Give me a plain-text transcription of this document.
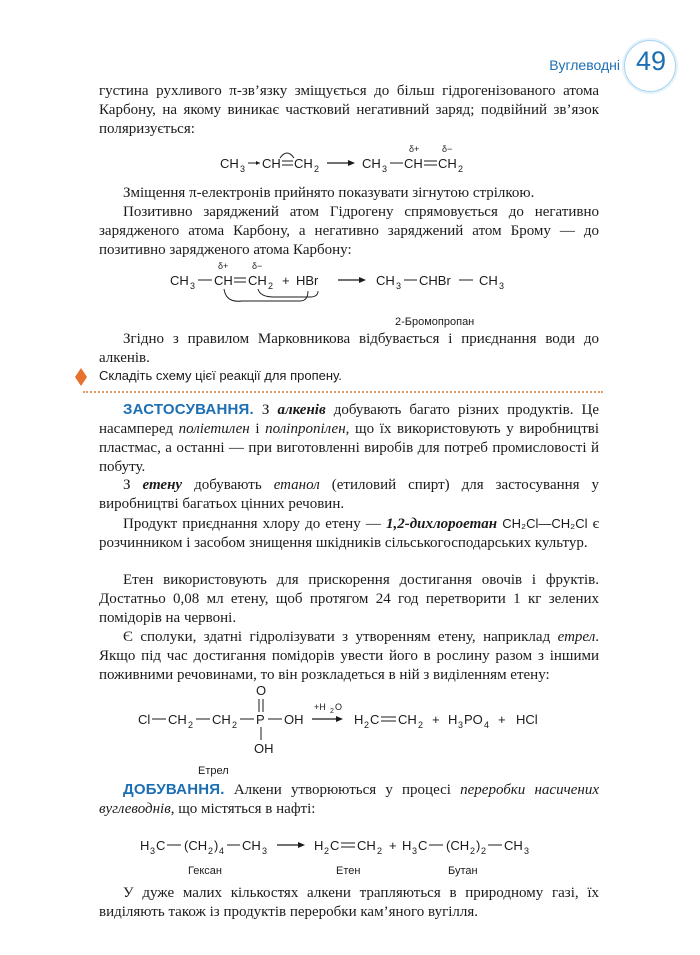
Вуглеводні 49

густина рухливого π-зв’язку зміщується до більш гідрогенізованого атома Карбону, на якому виникає частковий негативний заряд; подвійний зв’язок поляризується:

CH 3 CH CH 2	CH 3 CH
δ+
CH
δ−
2

Зміщення π-електронів прийнято показувати зігнутою стрілкою.

Позитивно заряджений атом Гідрогену спрямовується до негативно зарядженого атома Карбону, а негативно заряджений атом Брому — до позитивно зарядженого атома Карбону:

CH 3 CH
δ+
CH
δ−
2 + HBr	CH 3 CHBr CH 3
2-Бромопропан

Згідно з правилом Марковникова відбувається і приєднання води до алкенів.

Складіть схему цієї реакції для пропену.

ЗАСТОСУВАННЯ. З алкенів добувають багато різних продуктів. Це насамперед поліетилен і поліпропілен, що їх використовують у виробництві пластмас, а останні — при виготовленні виробів для потреб промисловості й побуту.

З етену добувають етанол (етиловий спирт) для застосування у виробництві багатьох цінних речовин.

Продукт приєднання хлору до етену — 1,2-дихлороетан CH₂Cl—CH₂Cl є розчинником і засобом знищення шкідників сільськогосподарських культур.

Етен використовують для прискорення достигання овочів і фруктів. Достатньо 0,08 мл етену, щоб протягом 24 год перетворити 1 кг зелених помідорів на червоні.

Є сполуки, здатні гідролізувати з утворенням етену, наприклад етрел. Якщо під час достигання помідорів увести його в рослину разом з іншими поживними речовинами, то він розкладеться в ній з виділенням етену:

Cl CH 2 CH 2 P
O
OH
OH
+H 2 O
H 2 C CH 2 + H 3 PO 4 + HCl
Етрел

ДОБУВАННЯ. Алкени утворюються у процесі переробки насичених вуглеводнів, що містяться в нафті:

H 3 C (CH 2 ) 4 CH 3	H 2 C CH 2 + H 3 C (CH 2 ) 2 CH 3
Гексан	Етен	Бутан

У дуже малих кількостях алкени трапляються в природному газі, їх виділяють також із продуктів переробки кам’яного вугілля.
